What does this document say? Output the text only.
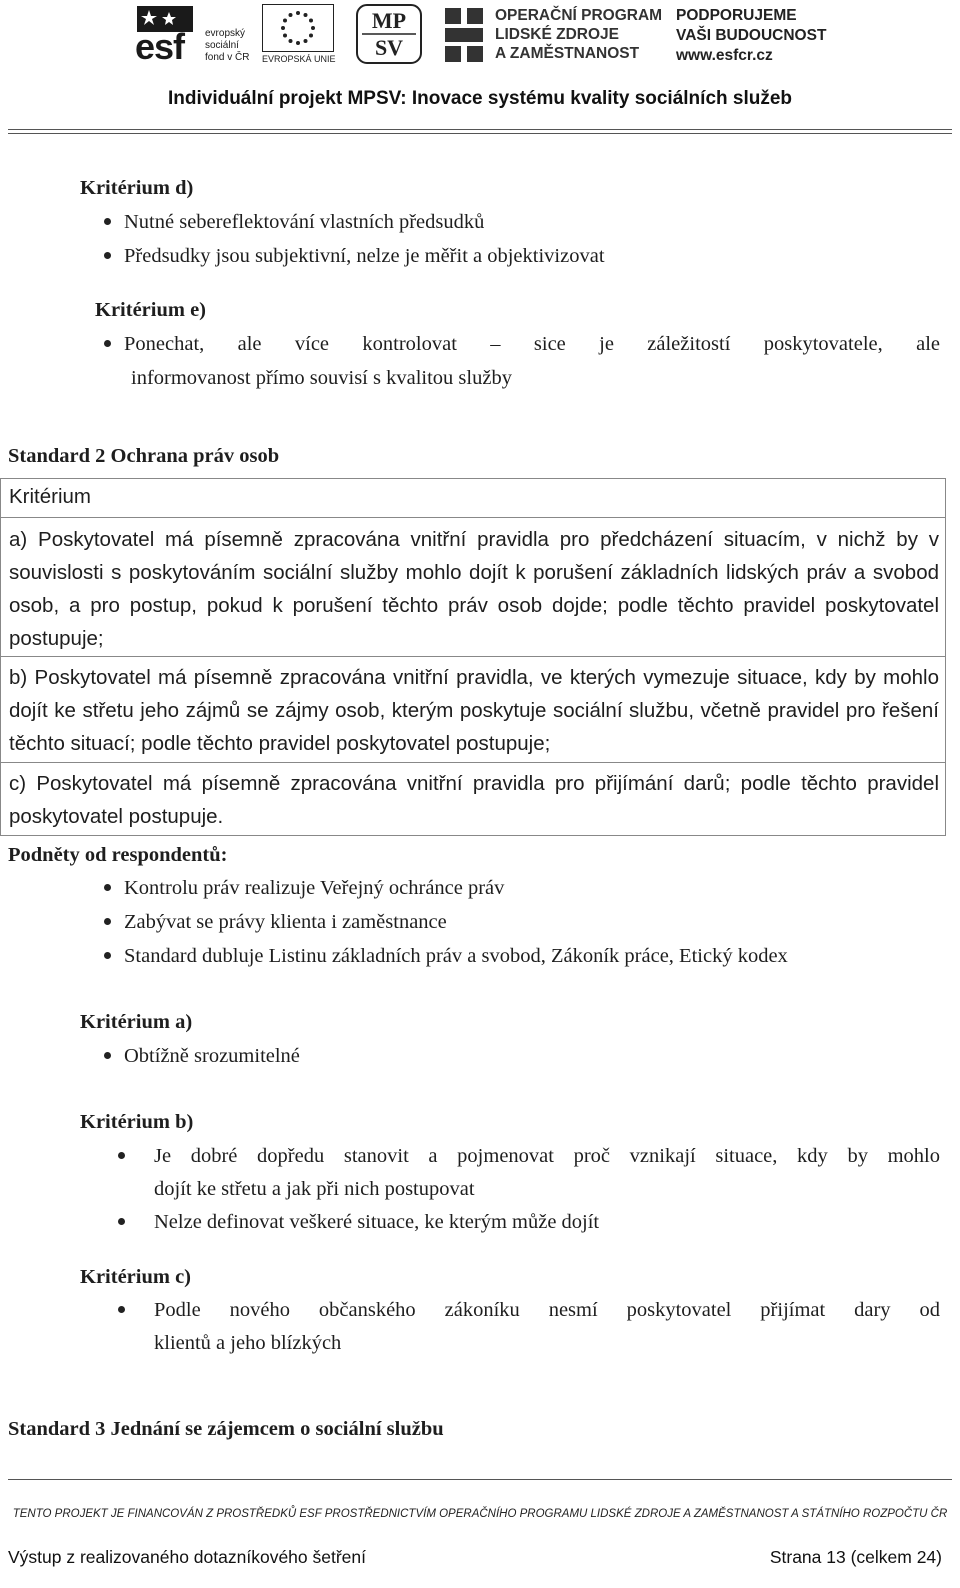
esf evropský
sociální
fond v ČR EVROPSKÁ UNIE
MP
SV
OPERAČNÍ PROGRAM
LIDSKÉ ZDROJE
A ZAMĚSTNANOST
PODPORUJEME
VAŠI BUDOUCNOST
www.esfcr.cz
Individuální projekt MPSV: Inovace systému kvality sociálních služeb
Kritérium d)
Nutné sebereflektování vlastních předsudků
Předsudky jsou subjektivní, nelze je měřit a objektivizovat
Kritérium e)
Ponechat, ale více kontrolovat – sice je záležitostí poskytovatele, ale
informovanost přímo souvisí s kvalitou služby
Standard 2 Ochrana práv osob
Kritérium
a) Poskytovatel má písemně zpracována vnitřní pravidla pro předcházení situacím, v nichž by v souvislosti s poskytováním sociální služby mohlo dojít k porušení základních lidských práv a svobod osob, a pro postup, pokud k porušení těchto práv osob dojde; podle těchto pravidel poskytovatel postupuje;
b) Poskytovatel má písemně zpracována vnitřní pravidla, ve kterých vymezuje situace, kdy by mohlo dojít ke střetu jeho zájmů se zájmy osob, kterým poskytuje sociální službu, včetně pravidel pro řešení těchto situací; podle těchto pravidel poskytovatel postupuje;
c) Poskytovatel má písemně zpracována vnitřní pravidla pro přijímání darů; podle těchto pravidel poskytovatel postupuje.
Podněty od respondentů:
Kontrolu práv realizuje Veřejný ochránce práv
Zabývat se právy klienta i zaměstnance
Standard dubluje Listinu základních práv a svobod, Zákoník práce, Etický kodex
Kritérium a)
Obtížně srozumitelné
Kritérium b)
Je dobré dopředu stanovit a pojmenovat proč vznikají situace, kdy by mohlo
dojít ke střetu a jak při nich postupovat
Nelze definovat veškeré situace, ke kterým může dojít
Kritérium c)
Podle nového občanského zákoníku nesmí poskytovatel přijímat dary od
klientů a jeho blízkých
Standard 3 Jednání se zájemcem o sociální službu
TENTO PROJEKT JE FINANCOVÁN Z PROSTŘEDKŮ ESF PROSTŘEDNICTVÍM OPERAČNÍHO PROGRAMU LIDSKÉ ZDROJE A ZAMĚSTNANOST A STÁTNÍHO ROZPOČTU ČR
Výstup z realizovaného dotazníkového šetření	Strana 13 (celkem 24)
